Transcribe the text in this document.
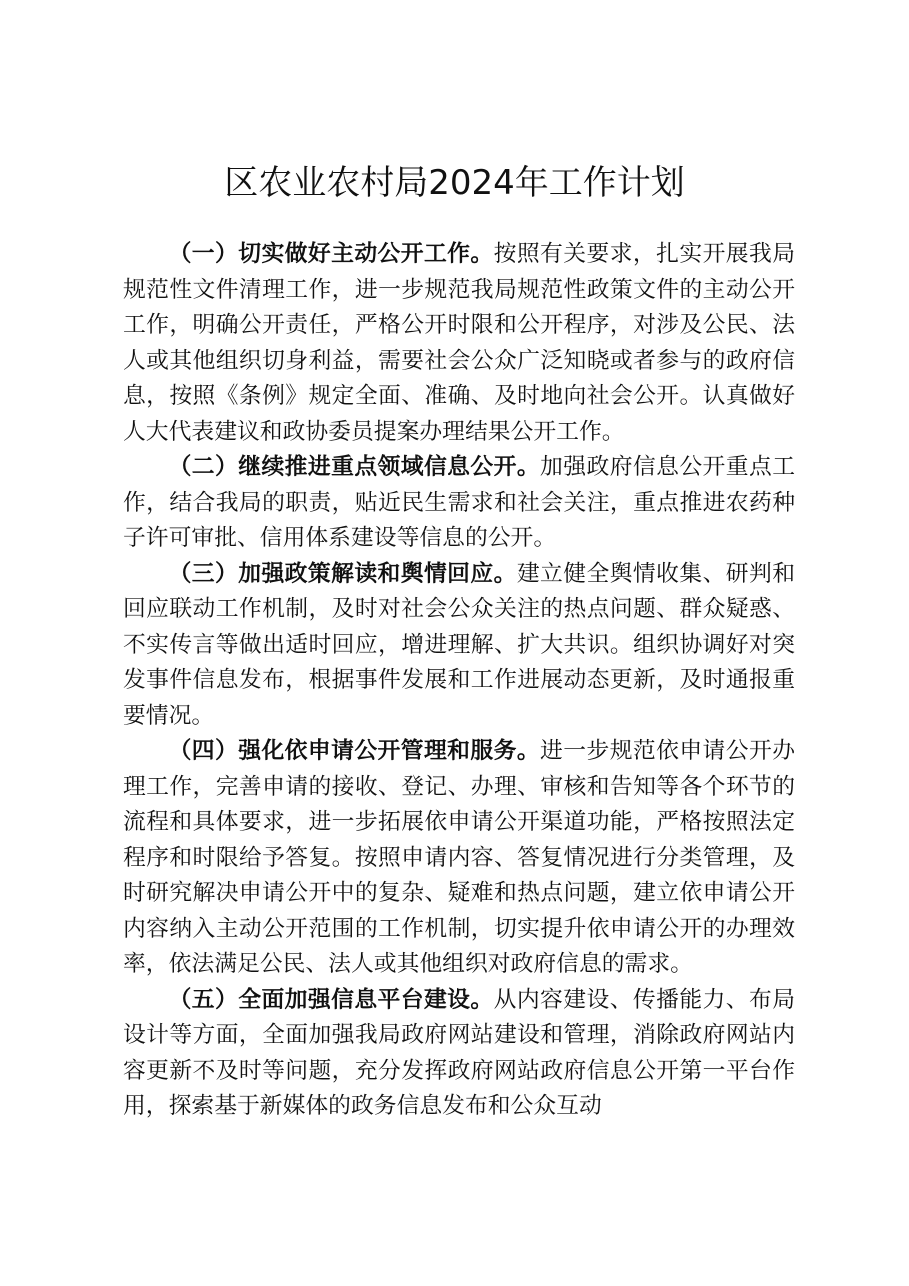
区农业农村局2024年工作计划

（一）切实做好主动公开工作。按照有关要求，扎实开展我局规范性文件清理工作，进一步规范我局规范性政策文件的主动公开工作，明确公开责任，严格公开时限和公开程序，对涉及公民、法人或其他组织切身利益，需要社会公众广泛知晓或者参与的政府信息，按照《条例》规定全面、准确、及时地向社会公开。认真做好人大代表建议和政协委员提案办理结果公开工作。

（二）继续推进重点领域信息公开。加强政府信息公开重点工作，结合我局的职责，贴近民生需求和社会关注，重点推进农药种子许可审批、信用体系建设等信息的公开。

（三）加强政策解读和舆情回应。建立健全舆情收集、研判和回应联动工作机制，及时对社会公众关注的热点问题、群众疑惑、不实传言等做出适时回应，增进理解、扩大共识。组织协调好对突发事件信息发布，根据事件发展和工作进展动态更新，及时通报重要情况。

（四）强化依申请公开管理和服务。进一步规范依申请公开办理工作，完善申请的接收、登记、办理、审核和告知等各个环节的流程和具体要求，进一步拓展依申请公开渠道功能，严格按照法定程序和时限给予答复。按照申请内容、答复情况进行分类管理，及时研究解决申请公开中的复杂、疑难和热点问题，建立依申请公开内容纳入主动公开范围的工作机制，切实提升依申请公开的办理效率，依法满足公民、法人或其他组织对政府信息的需求。

（五）全面加强信息平台建设。从内容建设、传播能力、布局设计等方面，全面加强我局政府网站建设和管理，消除政府网站内容更新不及时等问题，充分发挥政府网站政府信息公开第一平台作用，探索基于新媒体的政务信息发布和公众互动
